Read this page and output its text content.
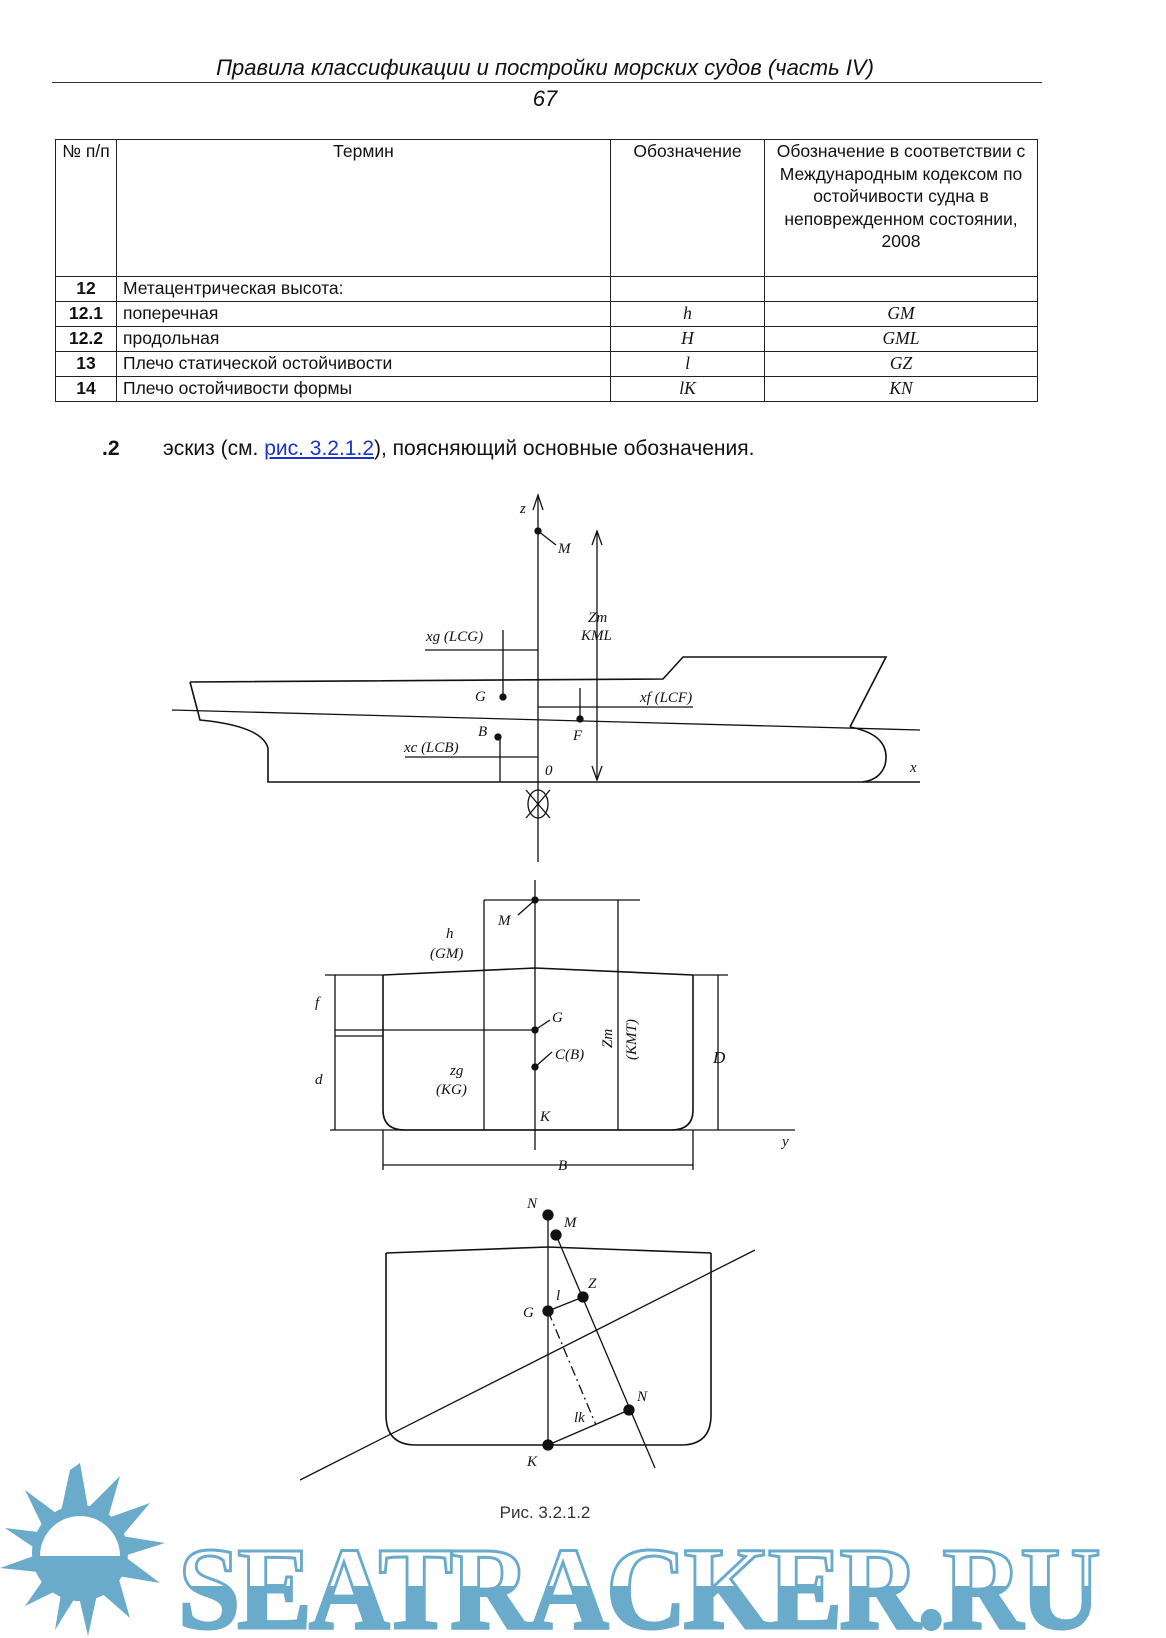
Правила классификации и постройки морских судов (часть IV)
67
№ п/п	Термин	Обозначение	Обозначение в соответствии с Международным кодексом по остойчивости судна в неповрежденном состоянии, 2008
12	Метацентрическая высота:		
12.1	поперечная	h	GM
12.2	продольная	H	GML
13	Плечо статической остойчивости	l	GZ
14	Плечо остойчивости формы	lK	KN
.2 эскиз (см. рис. 3.2.1.2), поясняющий основные обозначения.
SEATRACKER.RU
z
M
Zm
KML
xg (LCG)
G	xf (LCF)
B
xc (LCB)
F
0	x
M
h
(GM)
f
d
G
C(B)
zg
(KG)
K
Zm (KMT)	D
y
B
N
M
Z
G
l
N
lk
K
Рис. 3.2.1.2
